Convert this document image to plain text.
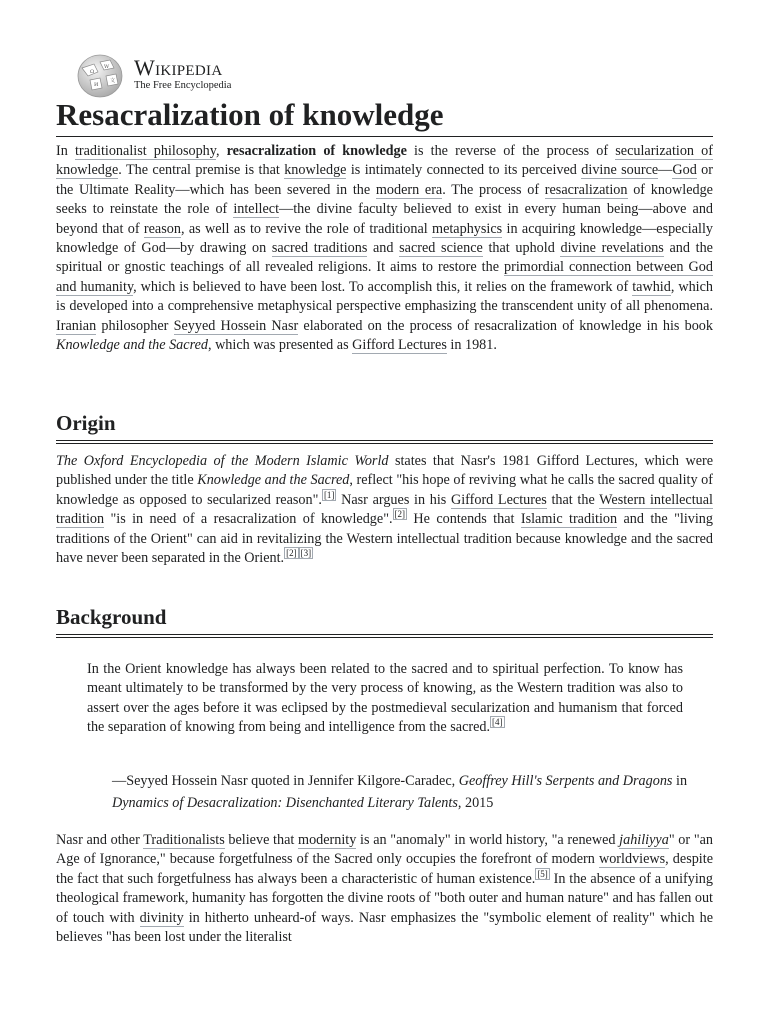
Ω
W
И
文
Wikipedia
The Free Encyclopedia
Resacralization of knowledge

In traditionalist philosophy, resacralization of knowledge is the reverse of the process of secularization of knowledge. The central premise is that knowledge is intimately connected to its perceived divine source—God or the Ultimate Reality—which has been severed in the modern era. The process of resacralization of knowledge seeks to reinstate the role of intellect—the divine faculty believed to exist in every human being—above and beyond that of reason, as well as to revive the role of traditional metaphysics in acquiring knowledge—especially knowledge of God—by drawing on sacred traditions and sacred science that uphold divine revelations and the spiritual or gnostic teachings of all revealed religions. It aims to restore the primordial connection between God and humanity, which is believed to have been lost. To accomplish this, it relies on the framework of tawhid, which is developed into a comprehensive metaphysical perspective emphasizing the transcendent unity of all phenomena. Iranian philosopher Seyyed Hossein Nasr elaborated on the process of resacralization of knowledge in his book Knowledge and the Sacred, which was presented as Gifford Lectures in 1981.

Origin

The Oxford Encyclopedia of the Modern Islamic World states that Nasr's 1981 Gifford Lectures, which were published under the title Knowledge and the Sacred, reflect "his hope of reviving what he calls the sacred quality of knowledge as opposed to secularized reason". [1] Nasr argues in his Gifford Lectures that the Western intellectual tradition "is in need of a resacralization of knowledge". [2] He contends that Islamic tradition and the "living traditions of the Orient" can aid in revitalizing the Western intellectual tradition because knowledge and the sacred have never been separated in the Orient. [2] [3]

Background

In the Orient knowledge has always been related to the sacred and to spiritual perfection. To know has meant ultimately to be transformed by the very process of knowing, as the Western tradition was also to assert over the ages before it was eclipsed by the postmedieval secularization and humanism that forced the separation of knowing from being and intelligence from the sacred. [4]

—Seyyed Hossein Nasr quoted in Jennifer Kilgore-Caradec, Geoffrey Hill's Serpents and Dragons in Dynamics of Desacralization: Disenchanted Literary Talents, 2015

Nasr and other Traditionalists believe that modernity is an "anomaly" in world history, "a renewed jahiliyya" or "an Age of Ignorance," because forgetfulness of the Sacred only occupies the forefront of modern worldviews, despite the fact that such forgetfulness has always been a characteristic of human existence. [5] In the absence of a unifying theological framework, humanity has forgotten the divine roots of "both outer and human nature" and has fallen out of touch with divinity in hitherto unheard-of ways. Nasr emphasizes the "symbolic element of reality" which he believes "has been lost under the literalist
